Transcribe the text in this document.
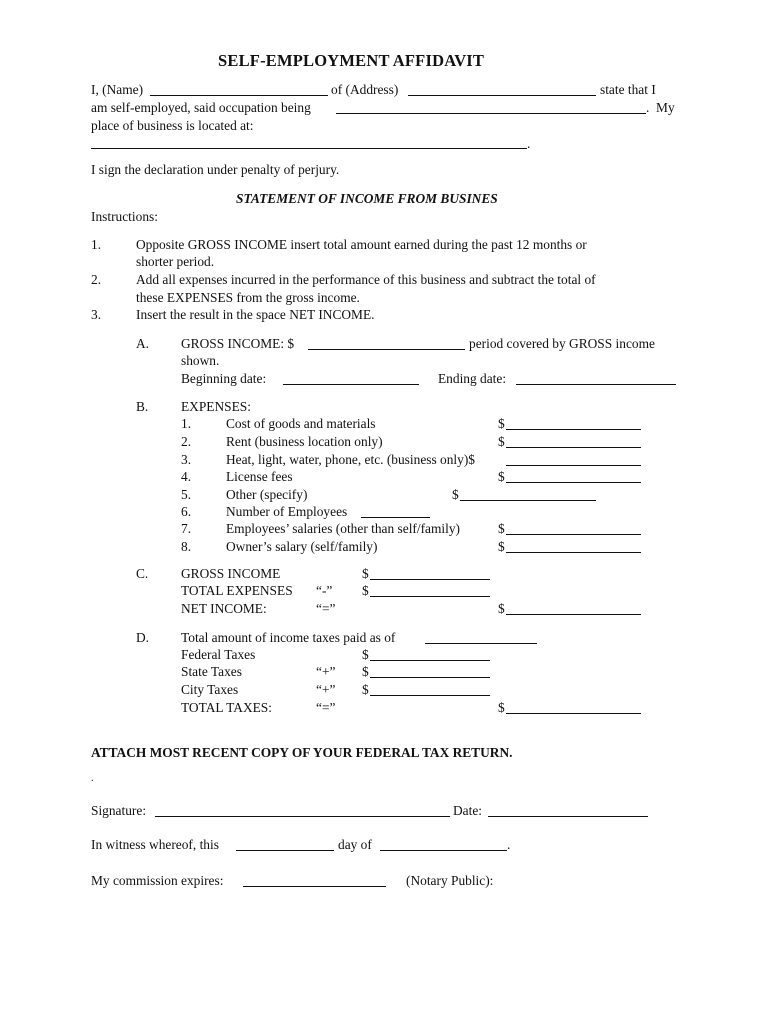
SELF-EMPLOYMENT AFFIDAVIT
I, (Name)	of (Address)	state that I
am self-employed, said occupation being	.  My
place of business is located at:
.
I sign the declaration under penalty of perjury.
STATEMENT OF INCOME FROM BUSINES
Instructions:
1.	Opposite GROSS INCOME insert total amount earned during the past 12 months or
shorter period.
2.	Add all expenses incurred in the performance of this business and subtract the total of
these EXPENSES from the gross income.
3.	Insert the result in the space NET INCOME.
A. GROSS INCOME: $	period covered by GROSS income
shown.
Beginning date:	Ending date:
B. EXPENSES:
1.	Cost of goods and materials	$
2.	Rent (business location only)	$
3.	Heat, light, water, phone, etc. (business only)$
4.	License fees	$
5.	Other (specify)	$
6.	Number of Employees
7.	Employees’ salaries (other than self/family)	$
8.	Owner’s salary (self/family)	$
C. GROSS INCOME	$
TOTAL EXPENSES “-” $
NET INCOME:	“=”	$
D. Total amount of income taxes paid as of
Federal Taxes	$
State Taxes	“+” $
City Taxes	“+” $
TOTAL TAXES:	“=”	$
ATTACH MOST RECENT COPY OF YOUR FEDERAL TAX RETURN.
.
Signature:	Date:
In witness whereof, this	day of	.
My commission expires:	(Notary Public):
